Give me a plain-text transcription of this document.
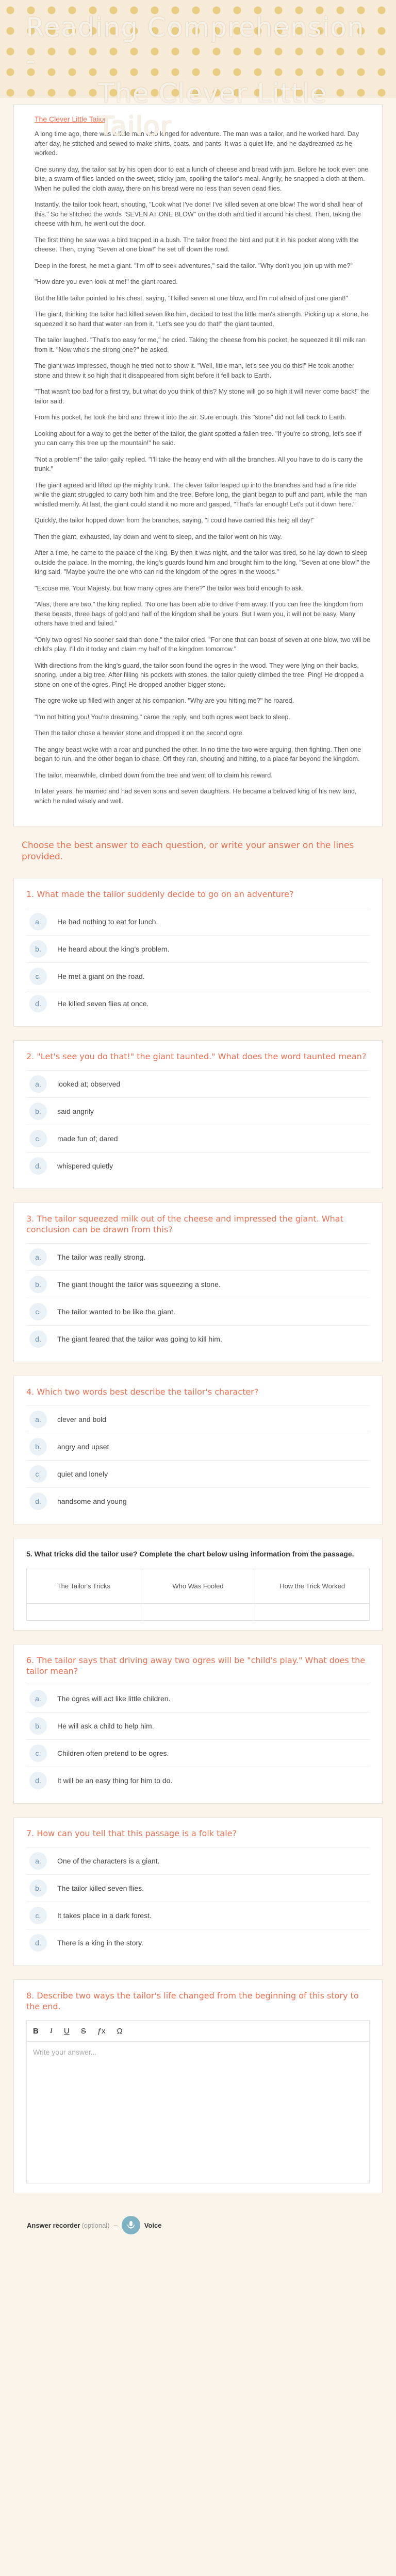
Reading Comprehension -
The Clever Little Tailor
The Clever Little Tailor

A long time ago, there was a little man who longed for adventure. The man was a tailor, and he worked hard. Day after day, he stitched and sewed to make shirts, coats, and pants. It was a quiet life, and he daydreamed as he worked.

One sunny day, the tailor sat by his open door to eat a lunch of cheese and bread with jam. Before he took even one bite, a swarm of flies landed on the sweet, sticky jam, spoiling the tailor's meal. Angrily, he snapped a cloth at them. When he pulled the cloth away, there on his bread were no less than seven dead flies.

Instantly, the tailor took heart, shouting, "Look what I've done! I've killed seven at one blow! The world shall hear of this." So he stitched the words "SEVEN AT ONE BLOW" on the cloth and tied it around his chest. Then, taking the cheese with him, he went out the door.

The first thing he saw was a bird trapped in a bush. The tailor freed the bird and put it in his pocket along with the cheese. Then, crying "Seven at one blow!" he set off down the road.

Deep in the forest, he met a giant. "I'm off to seek adventures," said the tailor. "Why don't you join up with me?"

"How dare you even look at me!" the giant roared.

But the little tailor pointed to his chest, saying, "I killed seven at one blow, and I'm not afraid of just one giant!"

The giant, thinking the tailor had killed seven like him, decided to test the little man's strength. Picking up a stone, he squeezed it so hard that water ran from it. "Let's see you do that!" the giant taunted.

The tailor laughed. "That's too easy for me," he cried. Taking the cheese from his pocket, he squeezed it till milk ran from it. "Now who's the strong one?" he asked.

The giant was impressed, though he tried not to show it. "Well, little man, let's see you do this!" He took another stone and threw it so high that it disappeared from sight before it fell back to Earth.

"That wasn't too bad for a first try, but what do you think of this? My stone will go so high it will never come back!" the tailor said.

From his pocket, he took the bird and threw it into the air. Sure enough, this "stone" did not fall back to Earth.

Looking about for a way to get the better of the tailor, the giant spotted a fallen tree. "If you're so strong, let's see if you can carry this tree up the mountain!" he said.

"Not a problem!" the tailor gaily replied. "I'll take the heavy end with all the branches. All you have to do is carry the trunk."

The giant agreed and lifted up the mighty trunk. The clever tailor leaped up into the branches and had a fine ride while the giant struggled to carry both him and the tree. Before long, the giant began to puff and pant, while the man whistled merrily. At last, the giant could stand it no more and gasped, "That's far enough! Let's put it down here."

Quickly, the tailor hopped down from the branches, saying, "I could have carried this heig all day!"

Then the giant, exhausted, lay down and went to sleep, and the tailor went on his way.

After a time, he came to the palace of the king. By then it was night, and the tailor was tired, so he lay down to sleep outside the palace. In the morning, the king's guards found him and brought him to the king. "Seven at one blow!" the king said. "Maybe you're the one who can rid the kingdom of the ogres in the woods."

"Excuse me, Your Majesty, but how many ogres are there?" the tailor was bold enough to ask.

"Alas, there are two," the king replied. "No one has been able to drive them away. If you can free the kingdom from these beasts, three bags of gold and half of the kingdom shall be yours. But I warn you, it will not be easy. Many others have tried and failed."

"Only two ogres! No sooner said than done," the tailor cried. "For one that can boast of seven at one blow, two will be child's play. I'll do it today and claim my half of the kingdom tomorrow."

With directions from the king's guard, the tailor soon found the ogres in the wood. They were lying on their backs, snoring, under a big tree. After filling his pockets with stones, the tailor quietly climbed the tree. Ping! He dropped a stone on one of the ogres. Ping! He dropped another bigger stone.

The ogre woke up filled with anger at his companion. "Why are you hitting me?" he roared.

"I'm not hitting you! You're dreaming," came the reply, and both ogres went back to sleep.

Then the tailor chose a heavier stone and dropped it on the second ogre.

The angry beast woke with a roar and punched the other. In no time the two were arguing, then fighting. Then one began to run, and the other began to chase. Off they ran, shouting and hitting, to a place far beyond the kingdom.

The tailor, meanwhile, climbed down from the tree and went off to claim his reward.

In later years, he married and had seven sons and seven daughters. He became a beloved king of his new land, which he ruled wisely and well.

Choose the best answer to each question, or write your answer on the lines provided.
1. What made the tailor suddenly decide to go on an adventure?
a.	He had nothing to eat for lunch.
b.	He heard about the king's problem.
c.	He met a giant on the road.
d.	He killed seven flies at once.
2. "Let's see you do that!" the giant taunted." What does the word taunted mean?
a.	looked at; observed
b.	said angrily
c.	made fun of; dared
d.	whispered quietly
3. The tailor squeezed milk out of the cheese and impressed the giant. What conclusion can be drawn from this?
a.	The tailor was really strong.
b.	The giant thought the tailor was squeezing a stone.
c.	The tailor wanted to be like the giant.
d.	The giant feared that the tailor was going to kill him.
4. Which two words best describe the tailor's character?
a.	clever and bold
b.	angry and upset
c.	quiet and lonely
d.	handsome and young
5. What tricks did the tailor use? Complete the chart below using information from the passage.
The Tailor's Tricks	Who Was Fooled	How the Trick Worked

6. The tailor says that driving away two ogres will be "child's play." What does the tailor mean?
a.	The ogres will act like little children.
b.	He will ask a child to help him.
c.	Children often pretend to be ogres.
d.	It will be an easy thing for him to do.
7. How can you tell that this passage is a folk tale?
a.	One of the characters is a giant.
b.	The tailor killed seven flies.
c.	It takes place in a dark forest.
d.	There is a king in the story.
8. Describe two ways the tailor's life changed from the beginning of this story to the end.
B I U S ƒx Ω
Write your answer...
Answer recorder (optional) –	Voice
